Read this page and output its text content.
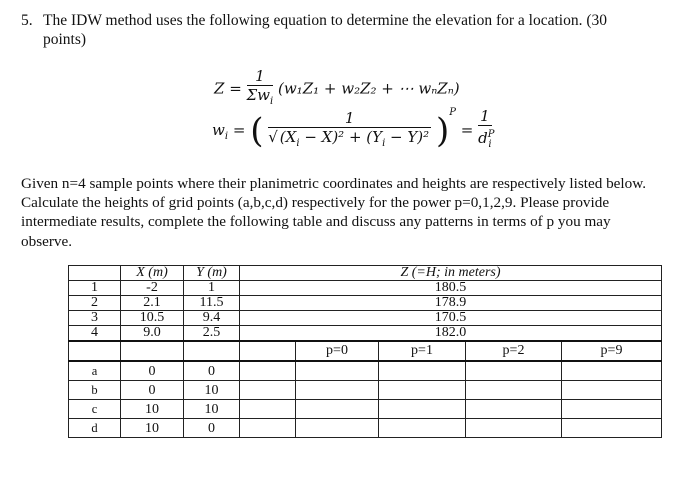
5. The IDW method uses the following equation to determine the elevation for a location. (30 points)
$Z = \frac{1}{\Sigma w_i} (w_1Z_1 + w_2Z_2$ + ⋯ wₙZₙ)
$w_i$ = ( $\frac{1}{√ (X_i - X)^2 + (Y_i - Y)^2} )^P = \frac{1}{d^P_i}$
Given n=4 sample points where their planimetric coordinates and heights are respectively listed below. Calculate the heights of grid points (a,b,c,d) respectively for the power p=0,1,2,9. Please provide intermediate results, complete the following table and discuss any patterns in terms of p you may observe.
	X (m)	Y (m)	Z (=H; in meters)				
1	-2	1	180.5				
2	2.1	11.5	178.9				
3	10.5	9.4	170.5				
4	9.0	2.5	182.0				
				p=0	p=1	p=2	p=9
a	0	0					
b	0	10					
c	10	10					
d	10	0					
